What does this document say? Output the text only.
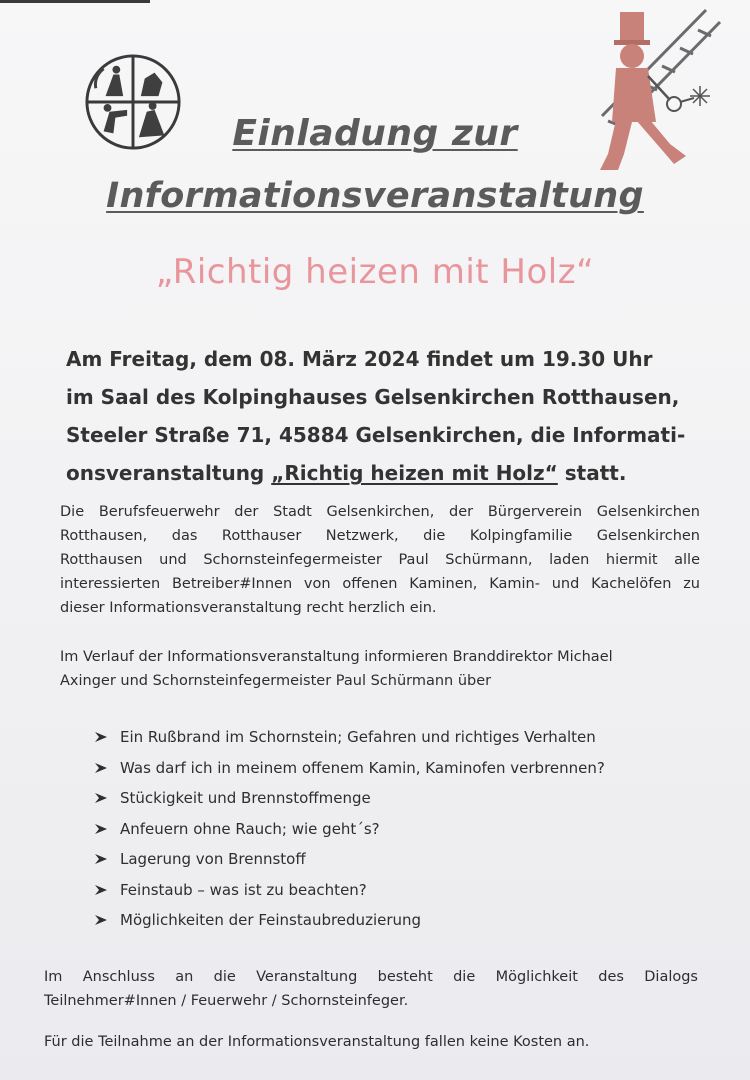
Einladung zur
Informationsveranstaltung
„Richtig heizen mit Holz“
Am Freitag, dem 08. März 2024 findet um 19.30 Uhr
im Saal des Kolpinghauses Gelsenkirchen Rotthausen,
Steeler Straße 71, 45884 Gelsenkirchen, die Informati-
onsveranstaltung „Richtig heizen mit Holz“ statt.
Die Berufsfeuerwehr der Stadt Gelsenkirchen, der Bürgerverein Gelsenkirchen
Rotthausen, das Rotthauser Netzwerk, die Kolpingfamilie Gelsenkirchen
Rotthausen und Schornsteinfegermeister Paul Schürmann, laden hiermit alle
interessierten Betreiber#Innen von offenen Kaminen, Kamin- und Kachelöfen zu
dieser Informationsveranstaltung recht herzlich ein.
Im Verlauf der Informationsveranstaltung informieren Branddirektor Michael
Axinger und Schornsteinfegermeister Paul Schürmann über
Ein Rußbrand im Schornstein; Gefahren und richtiges Verhalten
Was darf ich in meinem offenem Kamin, Kaminofen verbrennen?
Stückigkeit und Brennstoffmenge
Anfeuern ohne Rauch; wie geht´s?
Lagerung von Brennstoff
Feinstaub – was ist zu beachten?
Möglichkeiten der Feinstaubreduzierung
Im Anschluss an die Veranstaltung besteht die Möglichkeit des Dialogs
Teilnehmer#Innen / Feuerwehr / Schornsteinfeger.
Für die Teilnahme an der Informationsveranstaltung fallen keine Kosten an.
